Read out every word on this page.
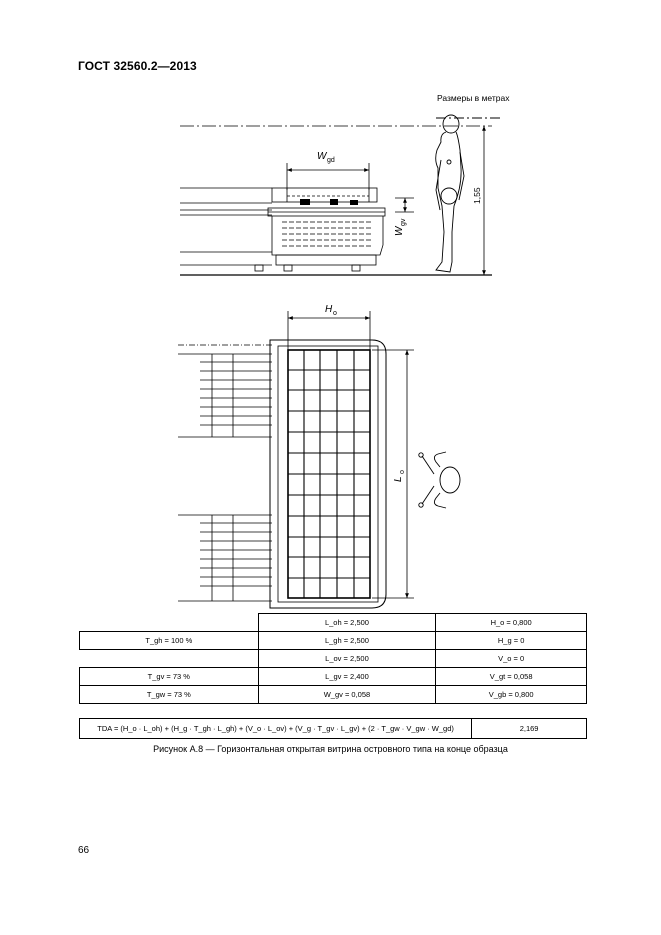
ГОСТ 32560.2—2013
Размеры в метрах
W gd
W
gv
1,55
H o
L
o
	L_oh = 2,500	H_o = 0,800
T_gh = 100 %	L_gh = 2,500	H_g = 0
	L_ov = 2,500	V_o = 0
T_gv = 73 %	L_gv = 2,400	V_gt = 0,058
T_gw = 73 %	W_gv = 0,058	V_gb = 0,800
TDA = (H_o · L_oh) + (H_g · T_gh · L_gh) + (V_o · L_ov) + (V_g · T_gv · L_gv) + (2 · T_gw · V_gw · W_gd)	2,169
Рисунок А.8 — Горизонтальная открытая витрина островного типа на конце образца
66
